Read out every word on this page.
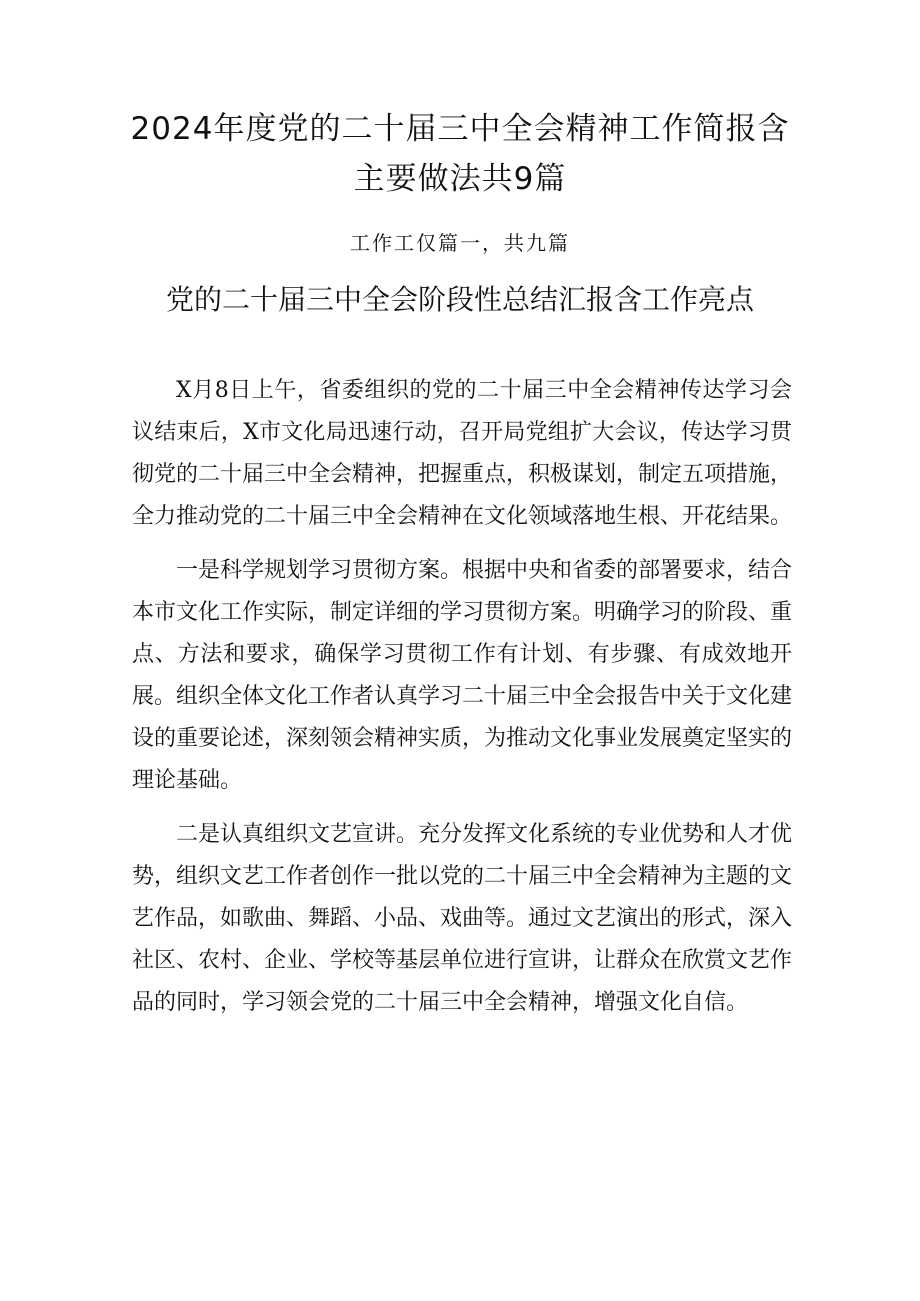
2024年度党的二十届三中全会精神工作简报含主要做法共9篇
工作工仅篇一，共九篇
党的二十届三中全会阶段性总结汇报含工作亮点

X月8日上午，省委组织的党的二十届三中全会精神传达学习会议结束后，X市文化局迅速行动，召开局党组扩大会议，传达学习贯彻党的二十届三中全会精神，把握重点，积极谋划，制定五项措施，全力推动党的二十届三中全会精神在文化领域落地生根、开花结果。

一是科学规划学习贯彻方案。根据中央和省委的部署要求，结合本市文化工作实际，制定详细的学习贯彻方案。明确学习的阶段、重点、方法和要求，确保学习贯彻工作有计划、有步骤、有成效地开展。组织全体文化工作者认真学习二十届三中全会报告中关于文化建设的重要论述，深刻领会精神实质，为推动文化事业发展奠定坚实的理论基础。

二是认真组织文艺宣讲。充分发挥文化系统的专业优势和人才优势，组织文艺工作者创作一批以党的二十届三中全会精神为主题的文艺作品，如歌曲、舞蹈、小品、戏曲等。通过文艺演出的形式，深入社区、农村、企业、学校等基层单位进行宣讲，让群众在欣赏文艺作品的同时，学习领会党的二十届三中全会精神，增强文化自信。
